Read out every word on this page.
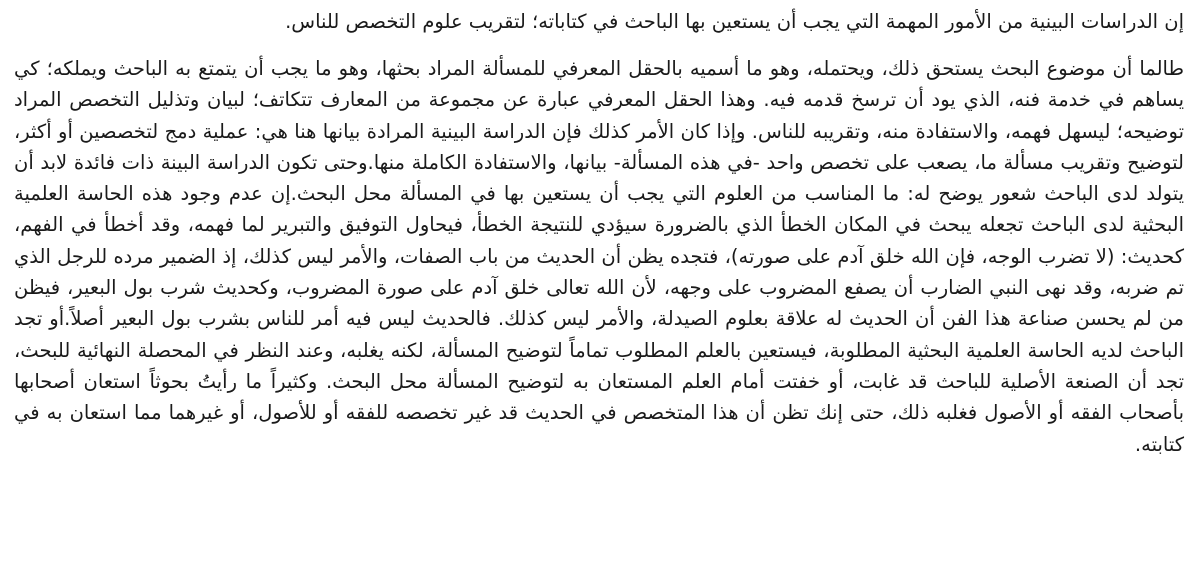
إن الدراسات البينية من الأمور المهمة التي يجب أن يستعين بها الباحث في كتاباته؛ لتقريب علوم التخصص للناس.

طالما أن موضوع البحث يستحق ذلك، ويحتمله، وهو ما أسميه بالحقل المعرفي للمسألة المراد بحثها، وهو ما يجب أن يتمتع به الباحث ويملكه؛ كي يساهم في خدمة فنه، الذي يود أن ترسخ قدمه فيه. وهذا الحقل المعرفي عبارة عن مجموعة من المعارف تتكاتف؛ لبيان وتذليل التخصص المراد توضيحه؛ ليسهل فهمه، والاستفادة منه، وتقريبه للناس. وإذا كان الأمر كذلك فإن الدراسة البينية المرادة بيانها هنا هي: عملية دمج لتخصصين أو أكثر، لتوضيح وتقريب مسألة ما، يصعب على تخصص واحد -في هذه المسألة- بيانها، والاستفادة الكاملة منها.وحتى تكون الدراسة البينة ذات فائدة لابد أن يتولد لدى الباحث شعور يوضح له: ما المناسب من العلوم التي يجب أن يستعين بها في المسألة محل البحث.إن عدم وجود هذه الحاسة العلمية البحثية لدى الباحث تجعله يبحث في المكان الخطأ الذي بالضرورة سيؤدي للنتيجة الخطأ، فيحاول التوفيق والتبرير لما فهمه، وقد أخطأ في الفهم، كحديث: (لا تضرب الوجه، فإن الله خلق آدم على صورته)، فتجده يظن أن الحديث من باب الصفات، والأمر ليس كذلك، إذ الضمير مرده للرجل الذي تم ضربه، وقد نهى النبي الضارب أن يصفع المضروب على وجهه، لأن الله تعالى خلق آدم على صورة المضروب، وكحديث شرب بول البعير، فيظن من لم يحسن صناعة هذا الفن أن الحديث له علاقة بعلوم الصيدلة، والأمر ليس كذلك. فالحديث ليس فيه أمر للناس بشرب بول البعير أصلاً.أو تجد الباحث لديه الحاسة العلمية البحثية المطلوبة، فيستعين بالعلم المطلوب تماماً لتوضيح المسألة، لكنه يغلبه، وعند النظر في المحصلة النهائية للبحث، تجد أن الصنعة الأصلية للباحث قد غابت، أو خفتت أمام العلم المستعان به لتوضيح المسألة محل البحث. وكثيراً ما رأيتُ بحوثاً استعان أصحابها بأصحاب الفقه أو الأصول فغلبه ذلك، حتى إنك تظن أن هذا المتخصص في الحديث قد غير تخصصه للفقه أو للأصول، أو غيرهما مما استعان به في كتابته.
